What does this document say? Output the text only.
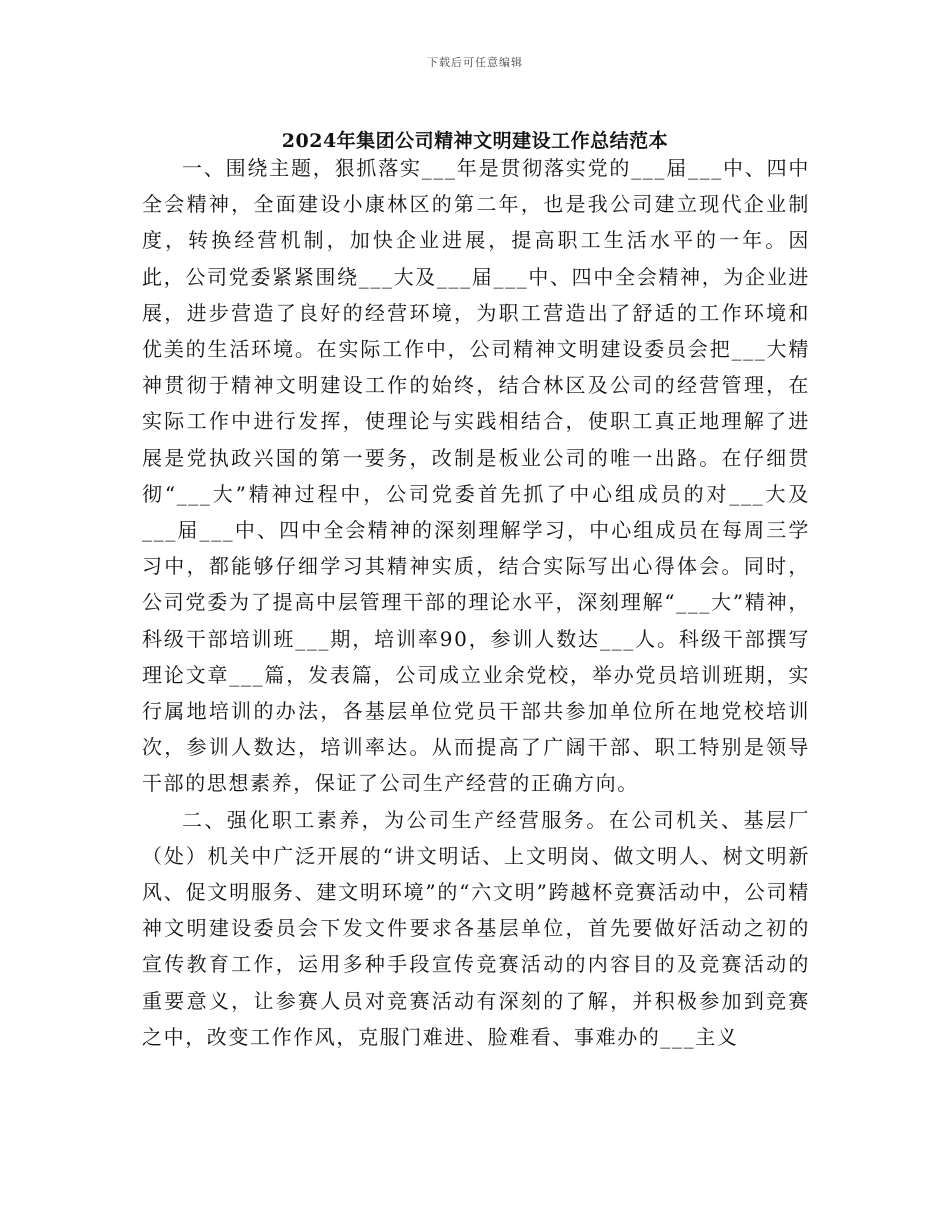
下载后可任意编辑
2024年集团公司精神文明建设工作总结范本

一、围绕主题，狠抓落实___年是贯彻落实党的___届___中、四中全会精神，全面建设小康林区的第二年，也是我公司建立现代企业制度，转换经营机制，加快企业进展，提高职工生活水平的一年。因此，公司党委紧紧围绕___大及___届___中、四中全会精神，为企业进展，进步营造了良好的经营环境，为职工营造出了舒适的工作环境和优美的生活环境。在实际工作中，公司精神文明建设委员会把___大精神贯彻于精神文明建设工作的始终，结合林区及公司的经营管理，在实际工作中进行发挥，使理论与实践相结合，使职工真正地理解了进展是党执政兴国的第一要务，改制是板业公司的唯一出路。在仔细贯彻“___大”精神过程中，公司党委首先抓了中心组成员的对___大及___届___中、四中全会精神的深刻理解学习，中心组成员在每周三学习中，都能够仔细学习其精神实质，结合实际写出心得体会。同时，公司党委为了提高中层管理干部的理论水平，深刻理解“___大”精神，科级干部培训班___期，培训率90，参训人数达___人。科级干部撰写理论文章___篇，发表篇，公司成立业余党校，举办党员培训班期，实行属地培训的办法，各基层单位党员干部共参加单位所在地党校培训次，参训人数达，培训率达。从而提高了广阔干部、职工特别是领导干部的思想素养，保证了公司生产经营的正确方向。

二、强化职工素养，为公司生产经营服务。在公司机关、基层厂（处）机关中广泛开展的“讲文明话、上文明岗、做文明人、树文明新风、促文明服务、建文明环境”的“六文明”跨越杯竞赛活动中，公司精神文明建设委员会下发文件要求各基层单位，首先要做好活动之初的宣传教育工作，运用多种手段宣传竞赛活动的内容目的及竞赛活动的重要意义，让参赛人员对竞赛活动有深刻的了解，并积极参加到竞赛之中，改变工作作风，克服门难进、脸难看、事难办的___主义
